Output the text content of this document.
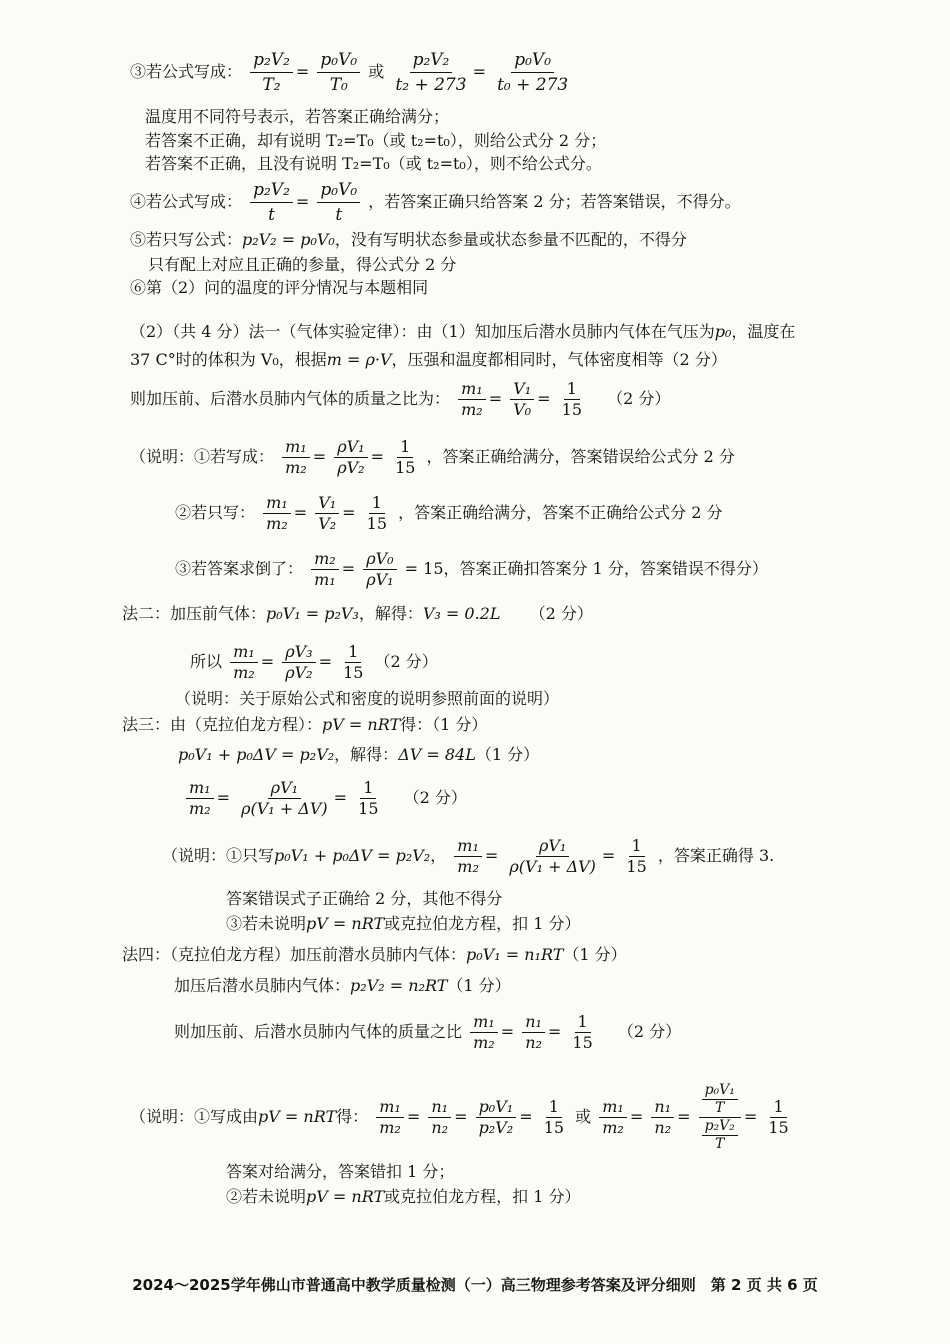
③若公式写成： $\frac{\text{p₂V₂}}{\text{T₂}} = \frac{\text{p₀V₀}}{\text{T₀}}$ 或 $\frac{\text{p₂V₂}}{\text{t₂ + 273}} = \frac{\text{p₀V₀}}{\text{t₀ + 273}}$
温度用不同符号表示，若答案正确给满分；
若答案不正确，却有说明 T₂=T₀（或 t₂=t₀），则给公式分 2 分；
若答案不正确，且没有说明 T₂=T₀（或 t₂=t₀），则不给公式分。
④若公式写成： $\frac{\text{p₂V₂}}{t} = \frac{\text{p₀V₀}}{t}$ ，若答案正确只给答案 2 分；若答案错误，不得分。
⑤若只写公式：p₂V₂ = p₀V₀，没有写明状态参量或状态参量不匹配的，不得分
只有配上对应且正确的参量，得公式分 2 分
⑥第（2）问的温度的评分情况与本题相同
（2）（共 4 分）法一（气体实验定律）：由（1）知加压后潜水员肺内气体在气压为p₀，温度在
37 C°时的体积为 V₀，根据m = ρ·V，压强和温度都相同时，气体密度相等（2 分）
则加压前、后潜水员肺内气体的质量之比为： $\frac{\text{m₁}}{\text{m₂}} = \frac{\text{V₁}}{\text{V₀}} = \frac{1}{15} (2$ 分）
（说明：①若写成： $\frac{\text{m₁}}{\text{m₂}} = \frac{\text{ρV₁}}{\text{ρV₂}} = \frac{1}{15}$ ，答案正确给满分，答案错误给公式分 2 分
②若只写： $\frac{\text{m₁}}{\text{m₂}} = \frac{\text{V₁}}{\text{V₂}} = \frac{1}{15}$ ，答案正确给满分，答案不正确给公式分 2 分
③若答案求倒了： $\frac{\text{m₂}}{\text{m₁}} = \frac{\text{ρV₀}}{\text{ρV₁}} = 15$，答案正确扣答案分 1 分，答案错误不得分）
法二：加压前气体：p₀V₁ = p₂V₃，解得：V₃ = 0.2L （2 分）
所以 $\frac{\text{m₁}}{\text{m₂}} = \frac{\text{ρV₃}}{\text{ρV₂}} = \frac{1}{15} (2$ 分）
（说明：关于原始公式和密度的说明参照前面的说明）
法三：由（克拉伯龙方程）：pV = nRT得：（1 分）
p₀V₁ + p₀ΔV = p₂V₂，解得：ΔV = 84L（1 分）
$\frac{\text{m₁}}{\text{m₂}} = \frac{\text{ρV₁}}{\text{ρ(V₁ + ΔV)}} = \frac{1}{15} (2$ 分）
（说明：①只写p₀V₁ + p₀ΔV = p₂V₂， $\frac{\text{m₁}}{\text{m₂}} = \frac{\text{ρV₁}}{\text{ρ(V₁ + ΔV)}} = \frac{1}{15}$ ，答案正确得 3.
答案错误式子正确给 2 分，其他不得分
③若未说明pV = nRT或克拉伯龙方程，扣 1 分）
法四：（克拉伯龙方程）加压前潜水员肺内气体：p₀V₁ = n₁RT（1 分）
加压后潜水员肺内气体：p₂V₂ = n₂RT（1 分）
则加压前、后潜水员肺内气体的质量之比 $\frac{\text{m₁}}{\text{m₂}} = \frac{\text{n₁}}{\text{n₂}} = \frac{1}{15} (2$ 分）
（说明：①写成由pV = nRT得： $\frac{\text{m₁}}{\text{m₂}} = \frac{\text{n₁}}{\text{n₂}} = \frac{\text{p₀V₁}}{\text{p₂V₂}} = \frac{1}{15}$ 或 $\frac{\text{m₁}}{\text{m₂}} = \frac{\text{n₁}}{\text{n₂}} = \frac{\frac{\text{p₀V₁}}{T}}{\frac{\text{p₂V₂}}{T}} = \frac{1}{15}$
答案对给满分，答案错扣 1 分；
②若未说明pV = nRT或克拉伯龙方程，扣 1 分）
2024～2025学年佛山市普通高中教学质量检测（一）高三物理参考答案及评分细则　第 2 页 共 6 页
